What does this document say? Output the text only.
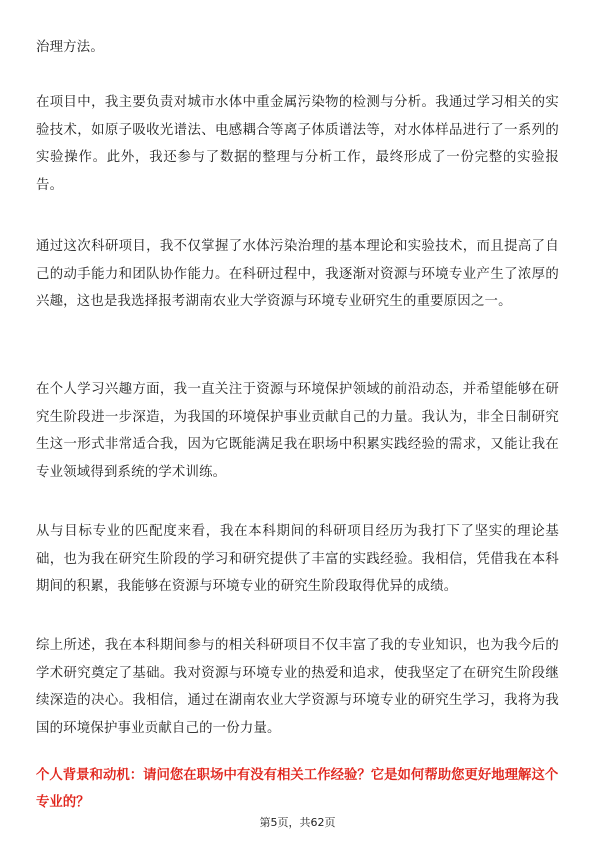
治理方法。

在项目中，我主要负责对城市水体中重金属污染物的检测与分析。我通过学习相关的实验技术，如原子吸收光谱法、电感耦合等离子体质谱法等，对水体样品进行了一系列的实验操作。此外，我还参与了数据的整理与分析工作，最终形成了一份完整的实验报告。

通过这次科研项目，我不仅掌握了水体污染治理的基本理论和实验技术，而且提高了自己的动手能力和团队协作能力。在科研过程中，我逐渐对资源与环境专业产生了浓厚的兴趣，这也是我选择报考湖南农业大学资源与环境专业研究生的重要原因之一。

在个人学习兴趣方面，我一直关注于资源与环境保护领域的前沿动态，并希望能够在研究生阶段进一步深造，为我国的环境保护事业贡献自己的力量。我认为，非全日制研究生这一形式非常适合我，因为它既能满足我在职场中积累实践经验的需求，又能让我在专业领域得到系统的学术训练。

从与目标专业的匹配度来看，我在本科期间的科研项目经历为我打下了坚实的理论基础，也为我在研究生阶段的学习和研究提供了丰富的实践经验。我相信，凭借我在本科期间的积累，我能够在资源与环境专业的研究生阶段取得优异的成绩。

综上所述，我在本科期间参与的相关科研项目不仅丰富了我的专业知识，也为我今后的学术研究奠定了基础。我对资源与环境专业的热爱和追求，使我坚定了在研究生阶段继续深造的决心。我相信，通过在湖南农业大学资源与环境专业的研究生学习，我将为我国的环境保护事业贡献自己的一份力量。

个人背景和动机：请问您在职场中有没有相关工作经验？它是如何帮助您更好地理解这个专业的？

第5页，共62页
